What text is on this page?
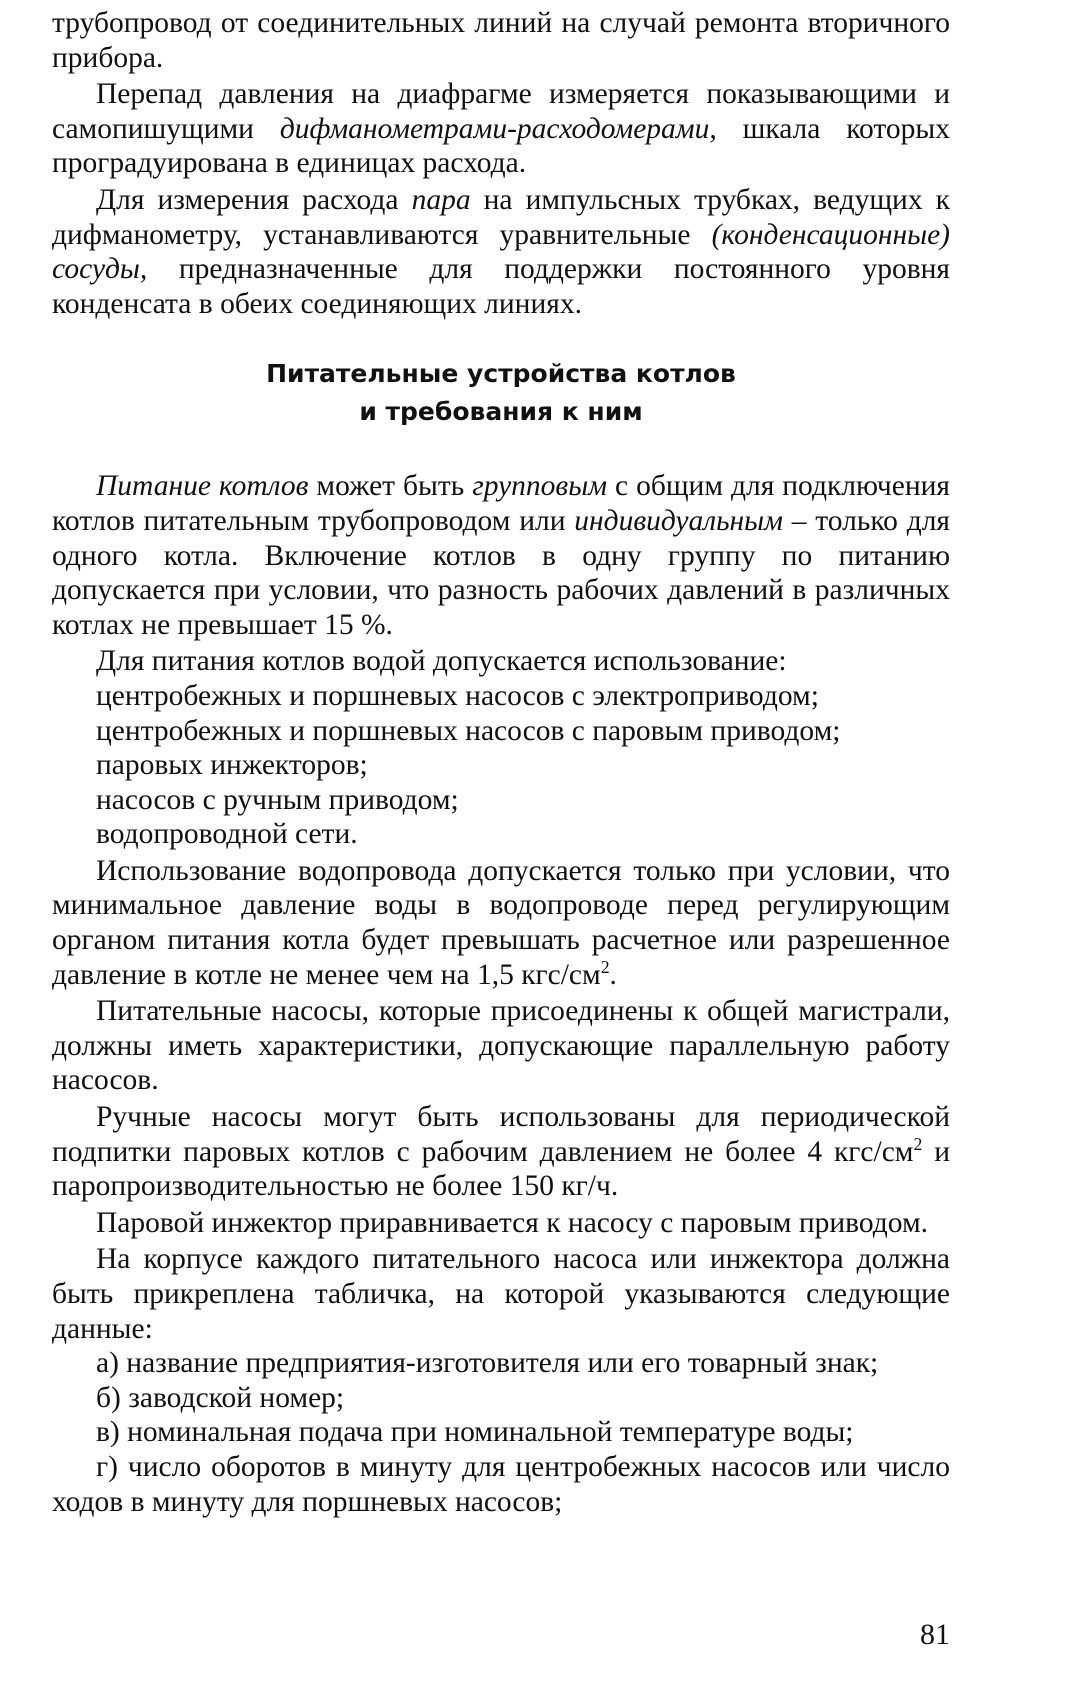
трубопровод от соединительных линий на случай ремонта вторичного прибора.

Перепад давления на диафрагме измеряется показывающими и самопишущими дифманометрами-расходомерами, шкала которых проградуирована в единицах расхода.

Для измерения расхода пара на импульсных трубках, ведущих к дифманометру, устанавливаются уравнительные (конденсационные) сосуды, предназначенные для поддержки постоянного уровня конденсата в обеих соединяющих линиях.

Питательные устройства котлов
и требования к ним

Питание котлов может быть групповым с общим для подключения котлов питательным трубопроводом или индивидуальным – только для одного котла. Включение котлов в одну группу по питанию допускается при условии, что разность рабочих давлений в различных котлах не превышает 15 %.

Для питания котлов водой допускается использование:

центробежных и поршневых насосов с электроприводом;

центробежных и поршневых насосов с паровым приводом;

паровых инжекторов;

насосов с ручным приводом;

водопроводной сети.

Использование водопровода допускается только при условии, что минимальное давление воды в водопроводе перед регулирующим органом питания котла будет превышать расчетное или разрешенное давление в котле не менее чем на 1,5 кгс/$см^2$.

Питательные насосы, которые присоединены к общей магистрали, должны иметь характеристики, допускающие параллельную работу насосов.

Ручные насосы могут быть использованы для периодической подпитки паровых котлов с рабочим давлением не более 4 кгс/$см^2$ и паропроизводительностью не более 150 кг/ч.

Паровой инжектор приравнивается к насосу с паровым приводом.

На корпусе каждого питательного насоса или инжектора должна быть прикреплена табличка, на которой указываются следующие данные:

а) название предприятия-изготовителя или его товарный знак;

б) заводской номер;

в) номинальная подача при номинальной температуре воды;

г) число оборотов в минуту для центробежных насосов или число ходов в минуту для поршневых насосов;

81
